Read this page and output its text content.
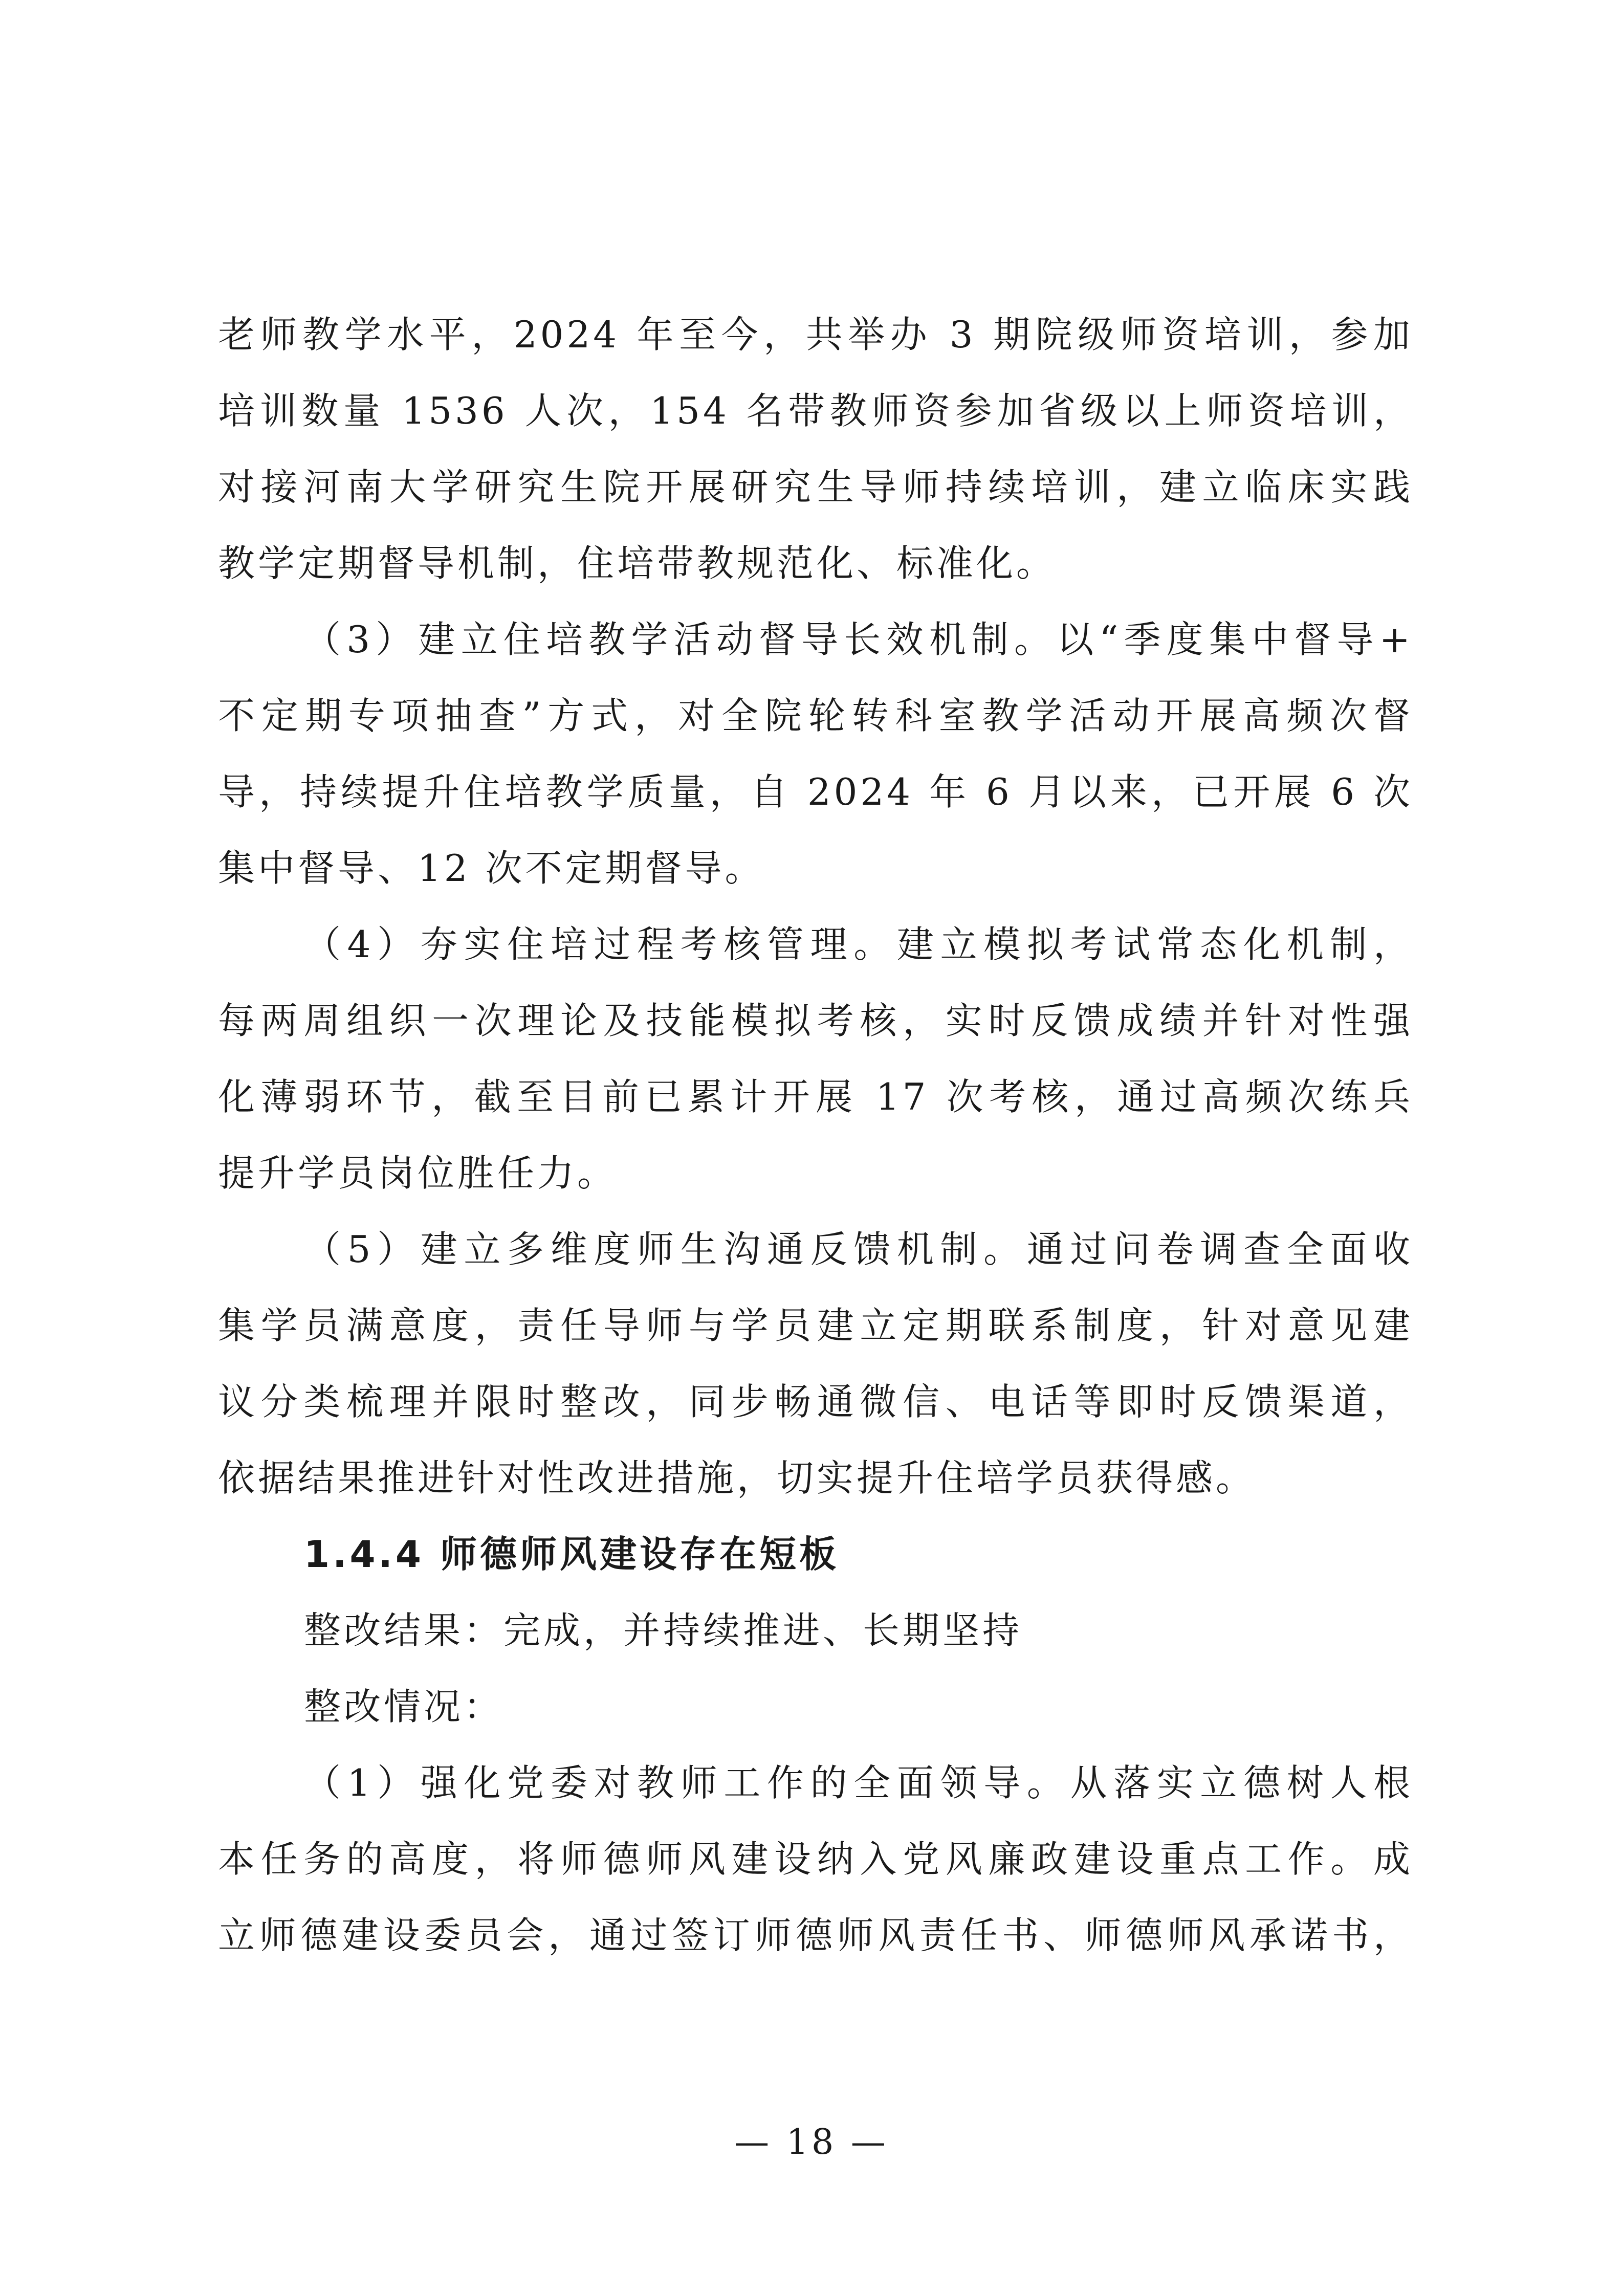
老师教学水平，2024 年至今，共举办 3 期院级师资培训，参加
培训数量 1536 人次，154 名带教师资参加省级以上师资培训，
对接河南大学研究生院开展研究生导师持续培训，建立临床实践
教学定期督导机制，住培带教规范化、标准化。
（3）建立住培教学活动督导长效机制。以“季度集中督导+
不定期专项抽查”方式，对全院轮转科室教学活动开展高频次督
导，持续提升住培教学质量，自 2024 年 6 月以来，已开展 6 次
集中督导、12 次不定期督导。
（4）夯实住培过程考核管理。建立模拟考试常态化机制，
每两周组织一次理论及技能模拟考核，实时反馈成绩并针对性强
化薄弱环节，截至目前已累计开展 17 次考核，通过高频次练兵
提升学员岗位胜任力。
（5）建立多维度师生沟通反馈机制。通过问卷调查全面收
集学员满意度，责任导师与学员建立定期联系制度，针对意见建
议分类梳理并限时整改，同步畅通微信、电话等即时反馈渠道，
依据结果推进针对性改进措施，切实提升住培学员获得感。

1.4.4 师德师风建设存在短板

整改结果：完成，并持续推进、长期坚持

整改情况：

（1）强化党委对教师工作的全面领导。从落实立德树人根
本任务的高度，将师德师风建设纳入党风廉政建设重点工作。成
立师德建设委员会，通过签订师德师风责任书、师德师风承诺书，
— 18 —
